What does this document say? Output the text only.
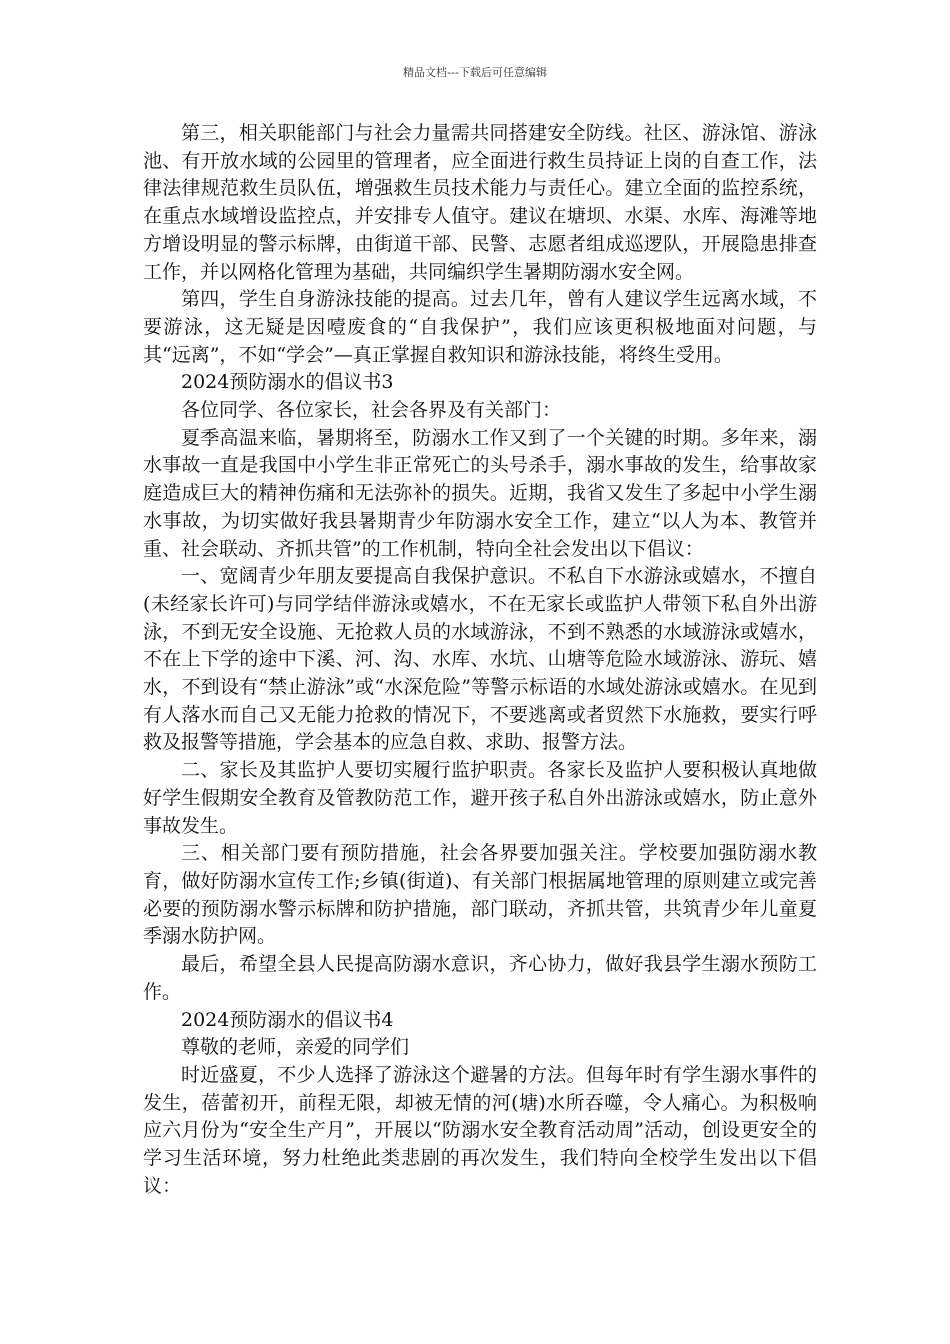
精品文档---下载后可任意编辑

第三，相关职能部门与社会力量需共同搭建安全防线。社区、游泳馆、游泳池、有开放水域的公园里的管理者，应全面进行救生员持证上岗的自查工作，法律法律规范救生员队伍，增强救生员技术能力与责任心。建立全面的监控系统，在重点水域增设监控点，并安排专人值守。建议在塘坝、水渠、水库、海滩等地方增设明显的警示标牌，由街道干部、民警、志愿者组成巡逻队，开展隐患排查工作，并以网格化管理为基础，共同编织学生暑期防溺水安全网。

第四，学生自身游泳技能的提高。过去几年，曾有人建议学生远离水域，不要游泳，这无疑是因噎废食的“自我保护”，我们应该更积极地面对问题，与其“远离”，不如“学会”—真正掌握自救知识和游泳技能，将终生受用。

2024预防溺水的倡议书3

各位同学、各位家长，社会各界及有关部门：

夏季高温来临，暑期将至，防溺水工作又到了一个关键的时期。多年来，溺水事故一直是我国中小学生非正常死亡的头号杀手，溺水事故的发生，给事故家庭造成巨大的精神伤痛和无法弥补的损失。近期，我省又发生了多起中小学生溺水事故，为切实做好我县暑期青少年防溺水安全工作，建立“以人为本、教管并重、社会联动、齐抓共管”的工作机制，特向全社会发出以下倡议：

一、宽阔青少年朋友要提高自我保护意识。不私自下水游泳或嬉水，不擅自(未经家长许可)与同学结伴游泳或嬉水，不在无家长或监护人带领下私自外出游泳，不到无安全设施、无抢救人员的水域游泳，不到不熟悉的水域游泳或嬉水，不在上下学的途中下溪、河、沟、水库、水坑、山塘等危险水域游泳、游玩、嬉水，不到设有“禁止游泳”或“水深危险”等警示标语的水域处游泳或嬉水。在见到有人落水而自己又无能力抢救的情况下，不要逃离或者贸然下水施救，要实行呼救及报警等措施，学会基本的应急自救、求助、报警方法。

二、家长及其监护人要切实履行监护职责。各家长及监护人要积极认真地做好学生假期安全教育及管教防范工作，避开孩子私自外出游泳或嬉水，防止意外事故发生。

三、相关部门要有预防措施，社会各界要加强关注。学校要加强防溺水教育，做好防溺水宣传工作;乡镇(街道)、有关部门根据属地管理的原则建立或完善必要的预防溺水警示标牌和防护措施，部门联动，齐抓共管，共筑青少年儿童夏季溺水防护网。

最后，希望全县人民提高防溺水意识，齐心协力，做好我县学生溺水预防工作。

2024预防溺水的倡议书4

尊敬的老师，亲爱的同学们

时近盛夏，不少人选择了游泳这个避暑的方法。但每年时有学生溺水事件的发生，蓓蕾初开，前程无限，却被无情的河(塘)水所吞噬，令人痛心。为积极响应六月份为“安全生产月”，开展以“防溺水安全教育活动周”活动，创设更安全的学习生活环境，努力杜绝此类悲剧的再次发生，我们特向全校学生发出以下倡议：
